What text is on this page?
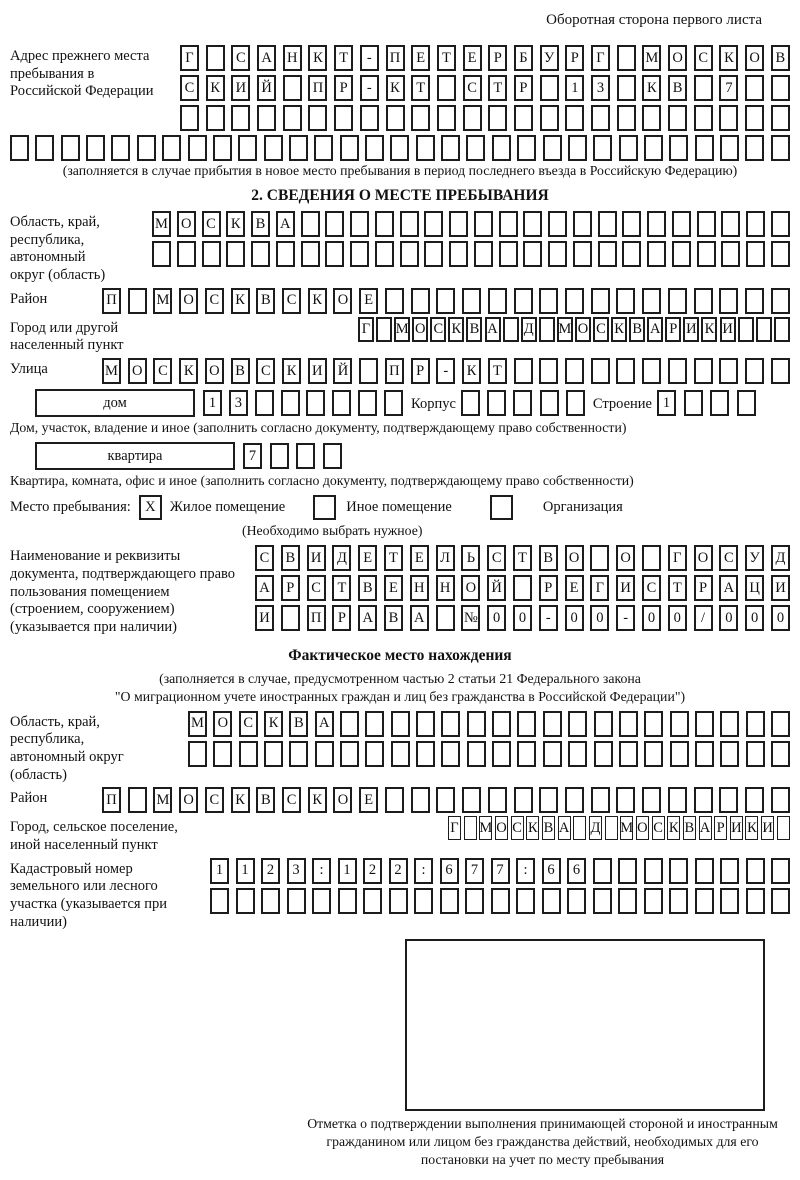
Оборотная сторона первого листа
Адрес прежнего места пребывания в Российской Федерации
Г	С	А Н	К	Т	-	П	Е	Т	Е	Р	Б	У	Р	Г	М О	С	К	О	В
С	К	И Й	П	Р	-	К	Т	С	Т	Р	1	3	К	В	7
(заполняется в случае прибытия в новое место пребывания в период последнего въезда в Российскую Федерацию)
2. СВЕДЕНИЯ О МЕСТЕ ПРЕБЫВАНИЯ
Область, край, республика, автономный округ (область)
М О	С	К	В	А
Район	П	М О	С	К	В	С	К	О	Е
Город или другой населенный пункт
Г М О С К В А Д М О С К В А Р И К И
Улица	М О	С	К	О	В	С	К	И Й	П	Р	-	К	Т
дом	1	3	Корпус	Строение 1
Дом, участок, владение и иное (заполнить согласно документу, подтверждающему право собственности)
квартира	7
Квартира, комната, офис и иное (заполнить согласно документу, подтверждающему право собственности)
Место пребывания: X Жилое помещение	Иное помещение	Организация
(Необходимо выбрать нужное)
Наименование и реквизиты документа, подтверждающего право пользования помещением (строением, сооружением) (указывается при наличии)
С	В	И	Д	Е	Т	Е	Л	Ь	С	Т	В	О	О	Г	О	С	У	Д
А	Р	С	Т	В	Е	Н Н О Й	Р	Е	Г	И	С	Т	Р	А Ц И
И	П	Р	А	В	А	№	0	0	-	0	0	-	0	0	/	0	0	0
Фактическое место нахождения
(заполняется в случае, предусмотренном частью 2 статьи 21 Федерального закона
"О миграционном учете иностранных граждан и лиц без гражданства в Российской Федерации")
Область, край, республика, автономный округ (область)
М О	С	К	В	А
Район	П	М О	С	К	В	С	К	О	Е
Город, сельское поселение, иной населенный пункт
Г М О С К В А Д М О С К В А Р И К И
Кадастровый номер земельного или лесного участка (указывается при наличии)
1	1	2	3	:	1	2	2	:	6	7	7	:	6	6
Отметка о подтверждении выполнения принимающей стороной и иностранным гражданином или лицом без гражданства действий, необходимых для его постановки на учет по месту пребывания
